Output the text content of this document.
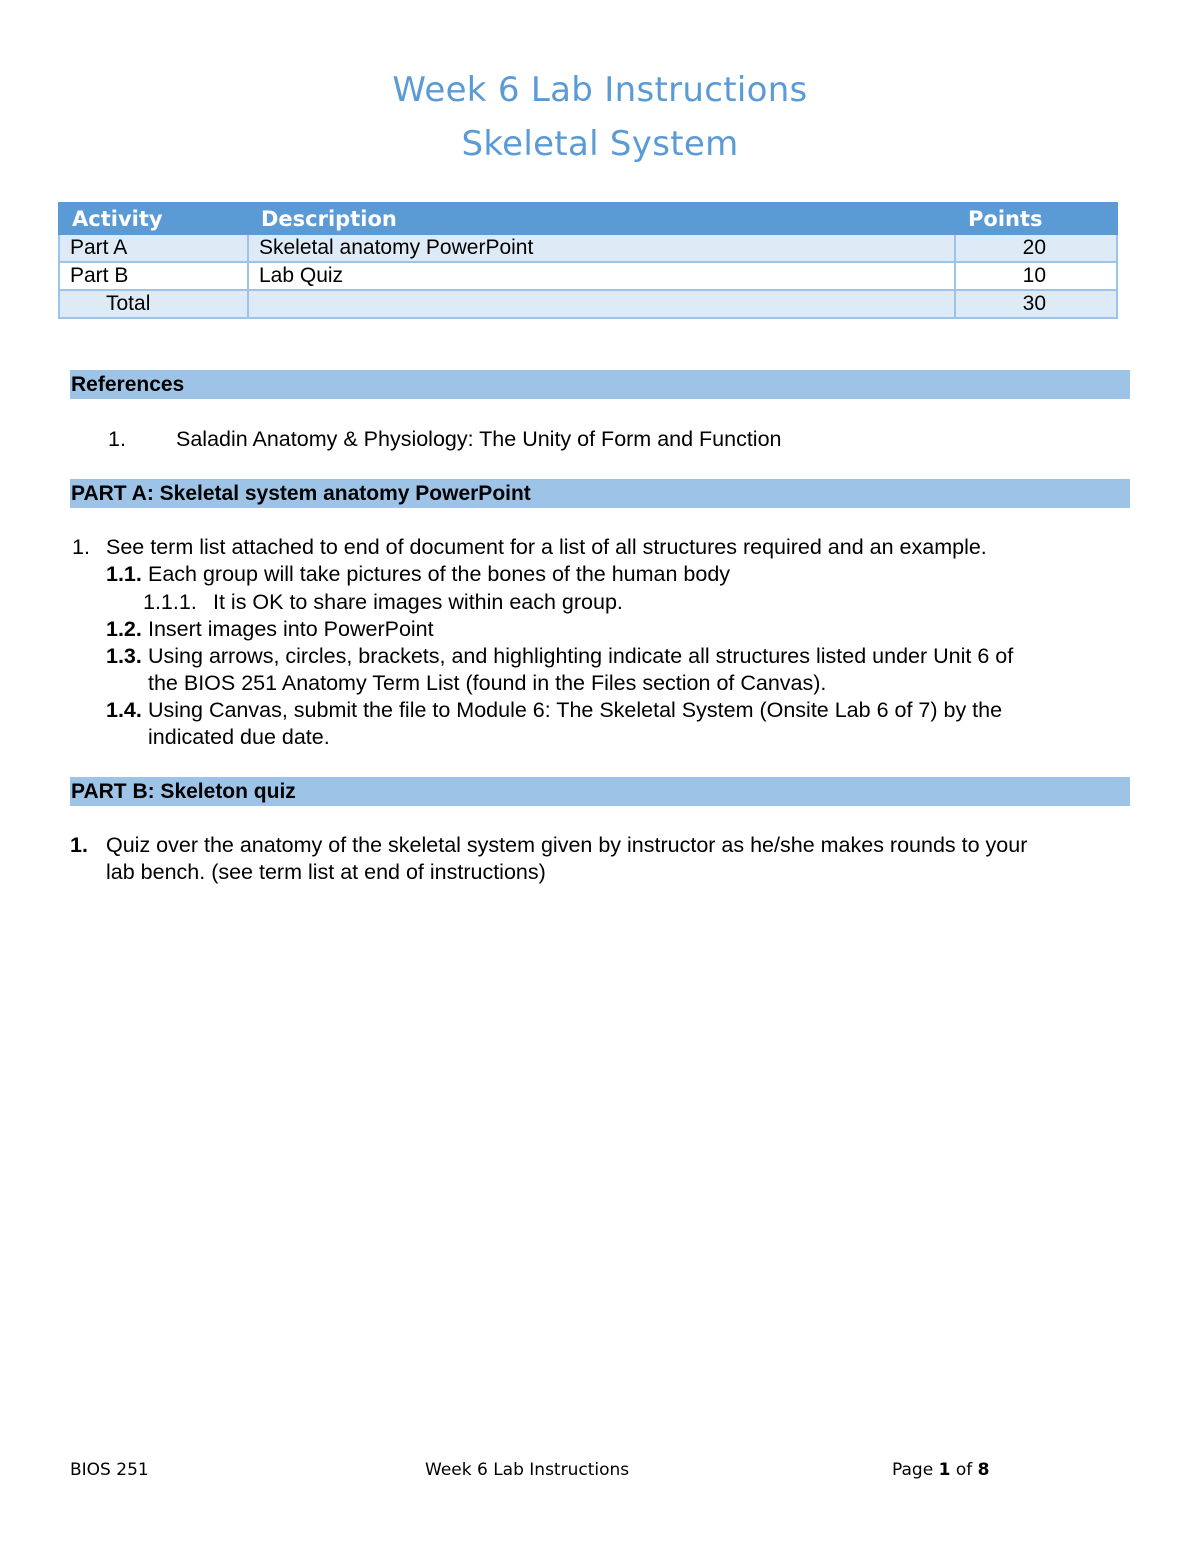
Week 6 Lab Instructions
Skeletal System
Activity	Description	Points
Part A	Skeletal anatomy PowerPoint	20
Part B	Lab Quiz	10
Total		30
References
1. Saladin Anatomy & Physiology: The Unity of Form and Function
PART A: Skeletal system anatomy PowerPoint
1. See term list attached to end of document for a list of all structures required and an example.
1.1. Each group will take pictures of the bones of the human body
1.1.1. It is OK to share images within each group.
1.2. Insert images into PowerPoint
1.3. Using arrows, circles, brackets, and highlighting indicate all structures listed under Unit 6 of
the BIOS 251 Anatomy Term List (found in the Files section of Canvas).
1.4. Using Canvas, submit the file to Module 6: The Skeletal System (Onsite Lab 6 of 7) by the
indicated due date.
PART B: Skeleton quiz
1. Quiz over the anatomy of the skeletal system given by instructor as he/she makes rounds to your
lab bench. (see term list at end of instructions)
BIOS 251	Week 6 Lab Instructions	Page 1 of 8
